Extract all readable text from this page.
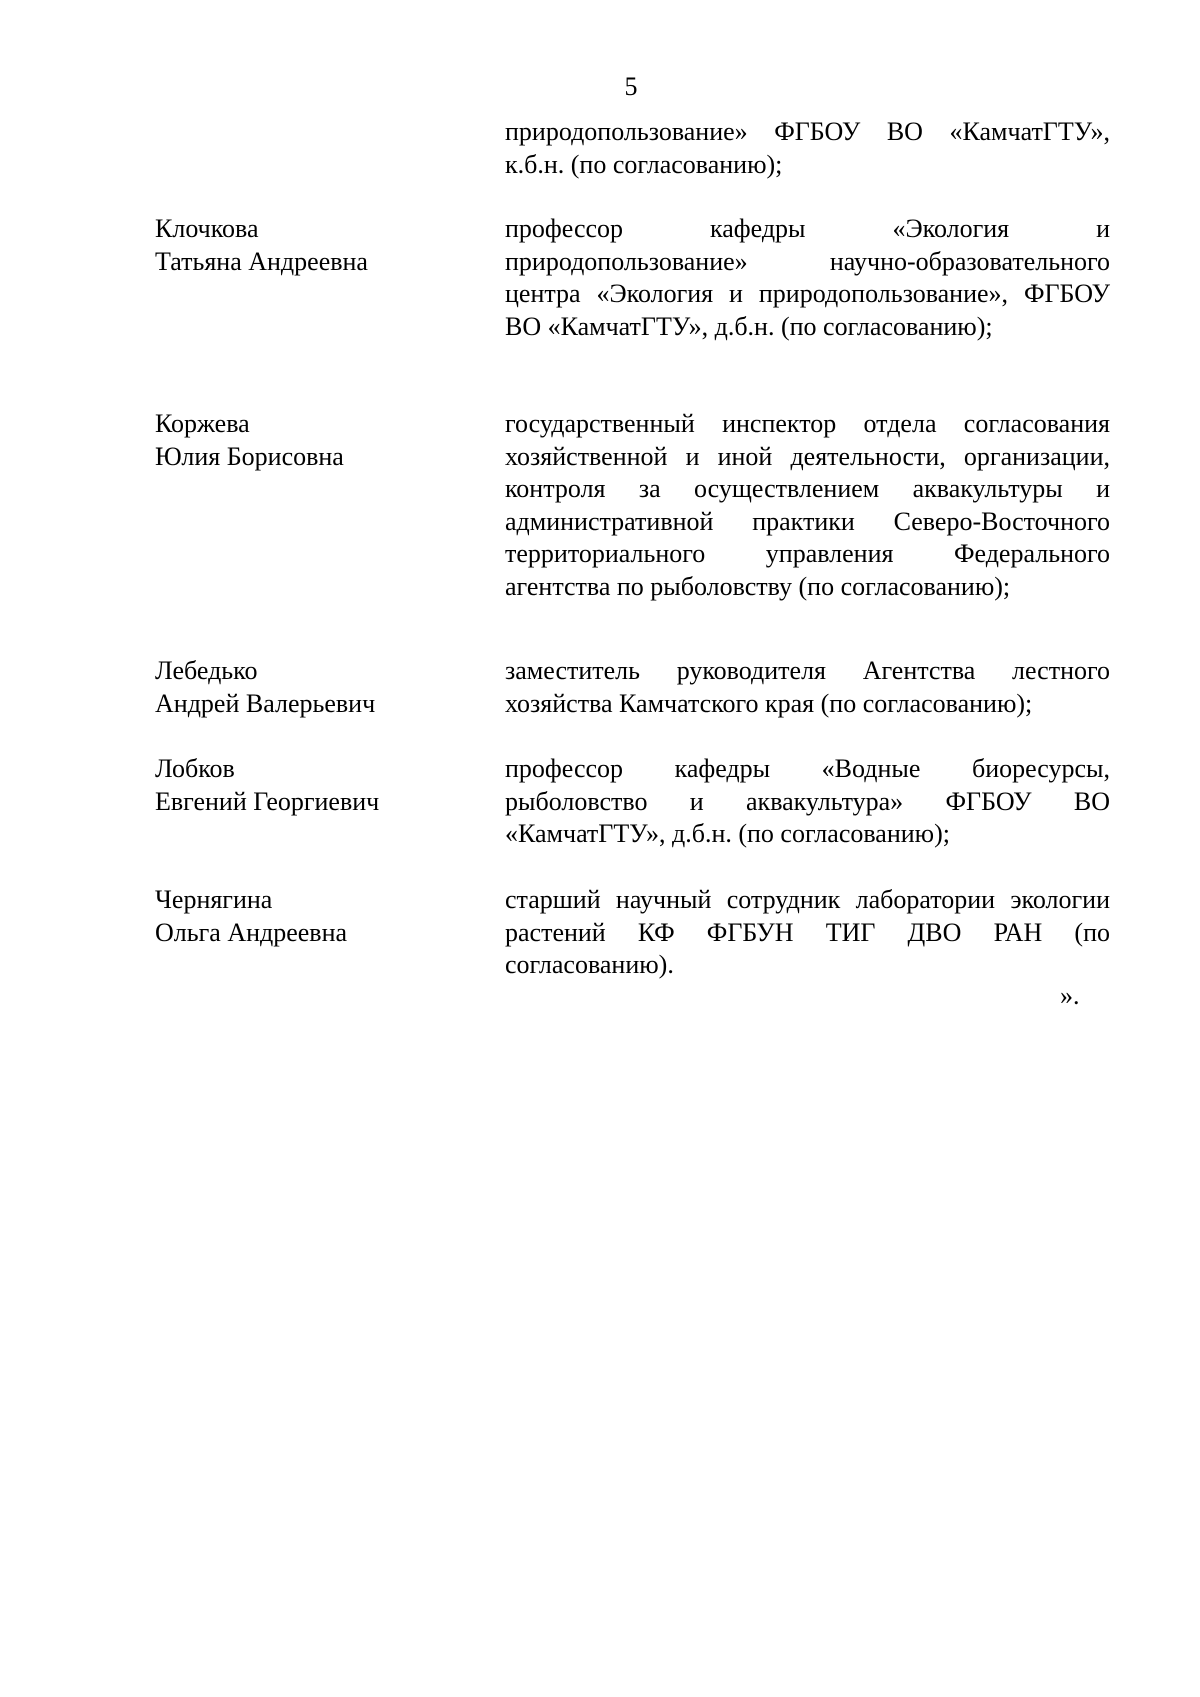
5
природопользование» ФГБОУ ВО «КамчатГТУ», к.б.н. (по согласованию);
Клочкова
Татьяна Андреевна
профессор кафедры «Экология и природопользование» научно-образовательного центра «Экология и природопользование», ФГБОУ ВО «КамчатГТУ», д.б.н. (по согласованию);
Коржева
Юлия Борисовна
государственный инспектор отдела согласования хозяйственной и иной деятельности, организации, контроля за осуществлением аквакультуры и административной практики Северо-Восточного территориального управления Федерального агентства по рыболовству (по согласованию);
Лебедько
Андрей Валерьевич
заместитель руководителя Агентства лестного хозяйства Камчатского края (по согласованию);
Лобков
Евгений Георгиевич
профессор кафедры «Водные биоресурсы, рыболовство и аквакультура» ФГБОУ ВО «КамчатГТУ», д.б.н. (по согласованию);
Чернягина
Ольга Андреевна
старший научный сотрудник лаборатории экологии растений КФ ФГБУН ТИГ ДВО РАН (по согласованию).
».
